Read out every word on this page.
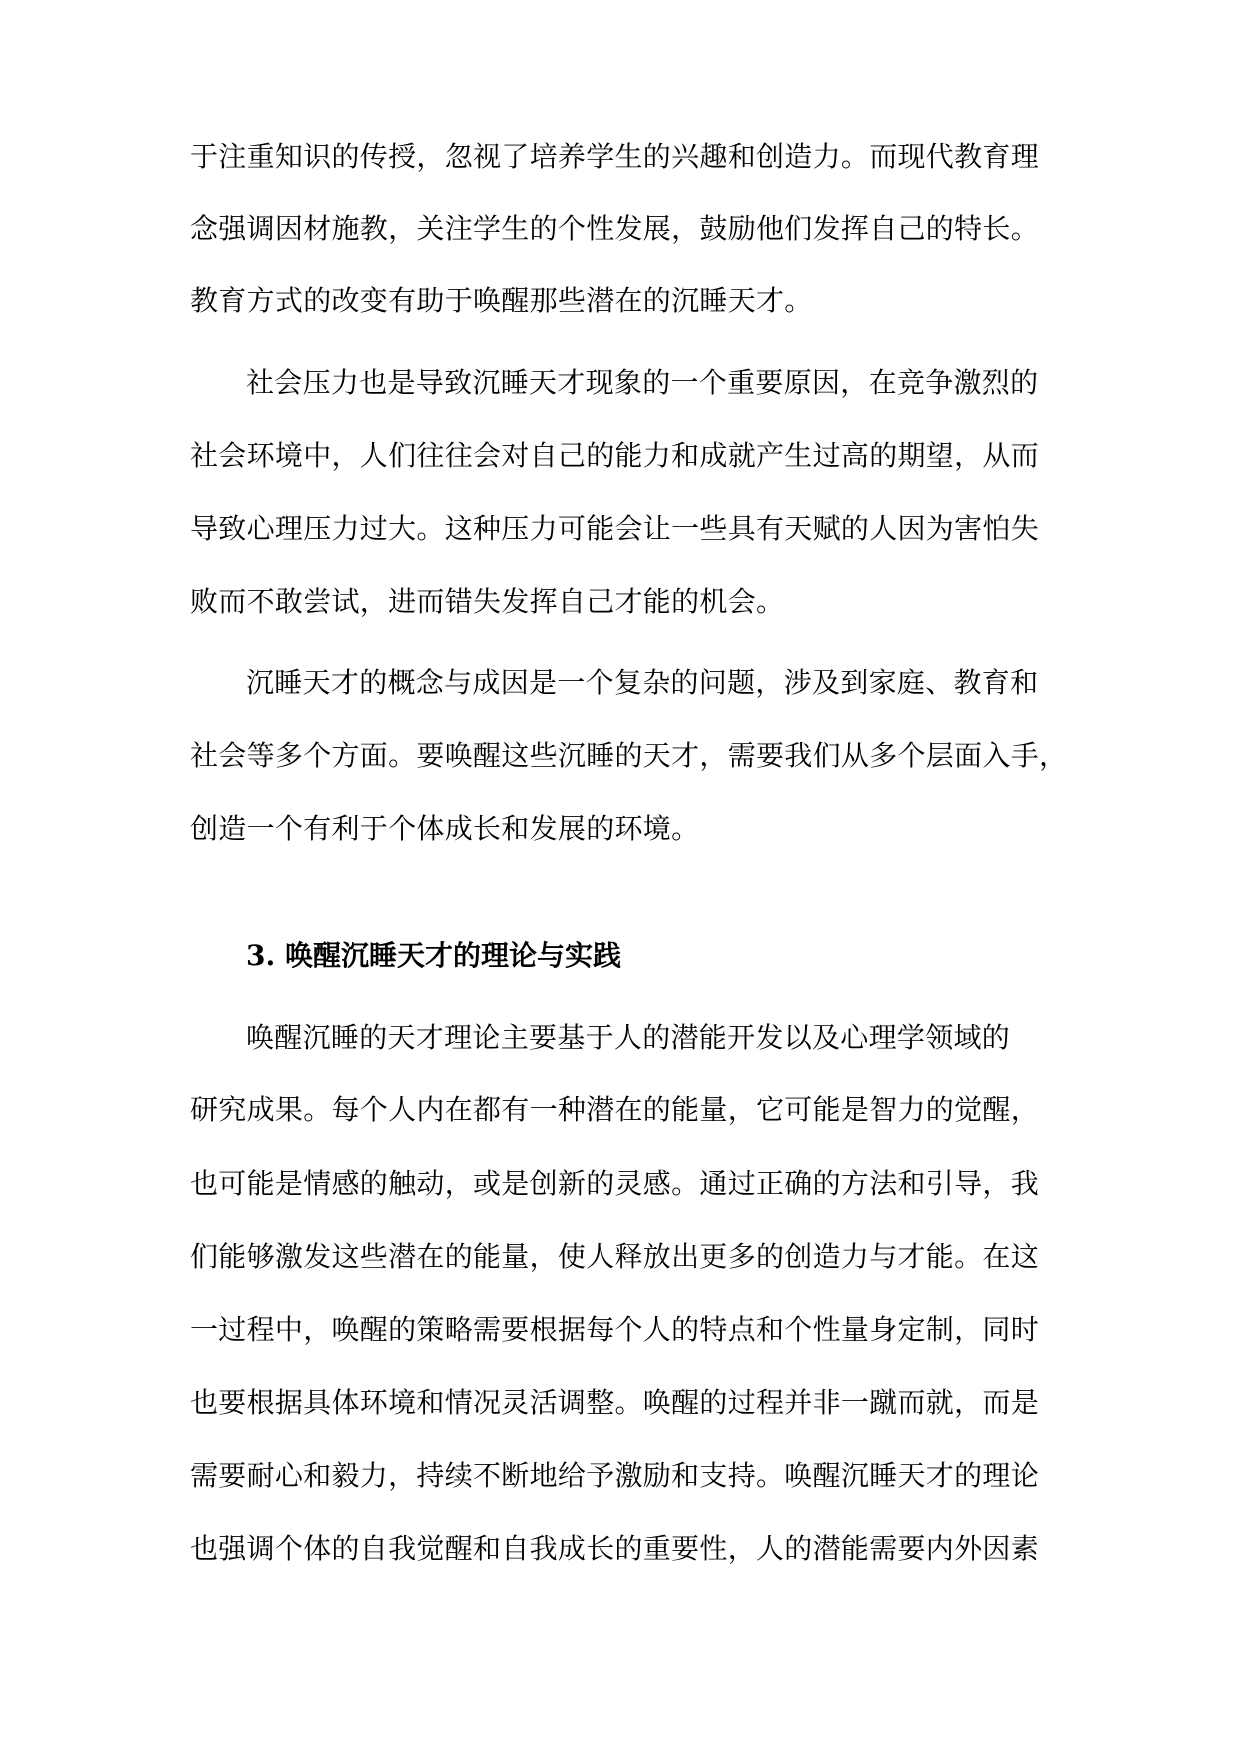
于注重知识的传授，忽视了培养学生的兴趣和创造力。而现代教育理
念强调因材施教，关注学生的个性发展，鼓励他们发挥自己的特长。
教育方式的改变有助于唤醒那些潜在的沉睡天才。
社会压力也是导致沉睡天才现象的一个重要原因，在竞争激烈的
社会环境中，人们往往会对自己的能力和成就产生过高的期望，从而
导致心理压力过大。这种压力可能会让一些具有天赋的人因为害怕失
败而不敢尝试，进而错失发挥自己才能的机会。
沉睡天才的概念与成因是一个复杂的问题，涉及到家庭、教育和
社会等多个方面。要唤醒这些沉睡的天才，需要我们从多个层面入手，
创造一个有利于个体成长和发展的环境。
3. 唤醒沉睡天才的理论与实践
唤醒沉睡的天才理论主要基于人的潜能开发以及心理学领域的
研究成果。每个人内在都有一种潜在的能量，它可能是智力的觉醒，
也可能是情感的触动，或是创新的灵感。通过正确的方法和引导，我
们能够激发这些潜在的能量，使人释放出更多的创造力与才能。在这
一过程中，唤醒的策略需要根据每个人的特点和个性量身定制，同时
也要根据具体环境和情况灵活调整。唤醒的过程并非一蹴而就，而是
需要耐心和毅力，持续不断地给予激励和支持。唤醒沉睡天才的理论
也强调个体的自我觉醒和自我成长的重要性，人的潜能需要内外因素
